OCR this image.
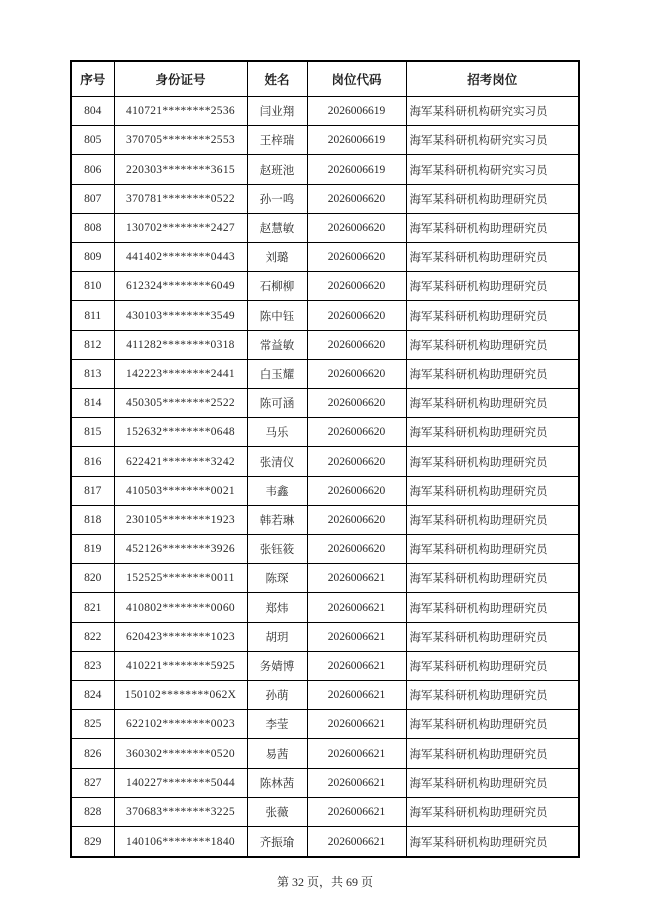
序号	身份证号	姓名	岗位代码	招考岗位
804	410721********2536	闫业翔	2026006619	海军某科研机构研究实习员
805	370705********2553	王梓瑞	2026006619	海军某科研机构研究实习员
806	220303********3615	赵班池	2026006619	海军某科研机构研究实习员
807	370781********0522	孙一鸣	2026006620	海军某科研机构助理研究员
808	130702********2427	赵慧敏	2026006620	海军某科研机构助理研究员
809	441402********0443	刘璐	2026006620	海军某科研机构助理研究员
810	612324********6049	石柳柳	2026006620	海军某科研机构助理研究员
811	430103********3549	陈中钰	2026006620	海军某科研机构助理研究员
812	411282********0318	常益敏	2026006620	海军某科研机构助理研究员
813	142223********2441	白玉耀	2026006620	海军某科研机构助理研究员
814	450305********2522	陈可涵	2026006620	海军某科研机构助理研究员
815	152632********0648	马乐	2026006620	海军某科研机构助理研究员
816	622421********3242	张清仪	2026006620	海军某科研机构助理研究员
817	410503********0021	韦鑫	2026006620	海军某科研机构助理研究员
818	230105********1923	韩若琳	2026006620	海军某科研机构助理研究员
819	452126********3926	张钰筱	2026006620	海军某科研机构助理研究员
820	152525********0011	陈琛	2026006621	海军某科研机构助理研究员
821	410802********0060	郑炜	2026006621	海军某科研机构助理研究员
822	620423********1023	胡玥	2026006621	海军某科研机构助理研究员
823	410221********5925	务婧博	2026006621	海军某科研机构助理研究员
824	150102********062X	孙萌	2026006621	海军某科研机构助理研究员
825	622102********0023	李莹	2026006621	海军某科研机构助理研究员
826	360302********0520	易茜	2026006621	海军某科研机构助理研究员
827	140227********5044	陈林茜	2026006621	海军某科研机构助理研究员
828	370683********3225	张薇	2026006621	海军某科研机构助理研究员
829	140106********1840	齐振瑜	2026006621	海军某科研机构助理研究员
第 32 页，共 69 页
